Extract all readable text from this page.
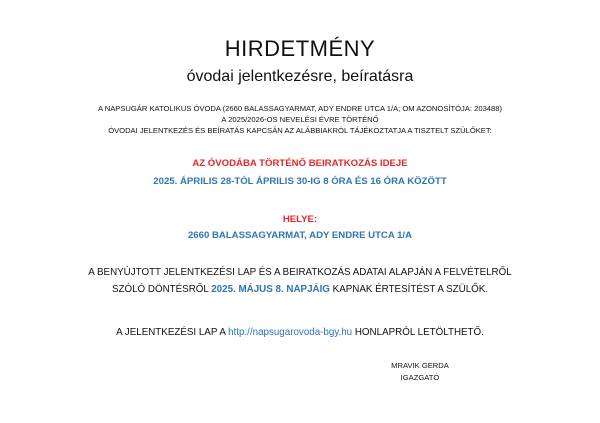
HIRDETMÉNY
óvodai jelentkezésre, beíratásra
A NAPSUGÁR KATOLIKUS ÓVODA (2660 BALASSAGYARMAT, ADY ENDRE UTCA 1/A; OM AZONOSÍTÓJA: 203488)
A 2025/2026-OS NEVELÉSI ÉVRE TÖRTÉNŐ
ÓVODAI JELENTKEZÉS ÉS BEÍRATÁS KAPCSÁN AZ ALÁBBIAKRÓL TÁJÉKOZTATJA A TISZTELT SZÜLŐKET:
AZ ÓVODÁBA TÖRTÉNŐ BEIRATKOZÁS IDEJE
2025. ÁPRILIS 28-TÓL ÁPRILIS 30-IG 8 ÓRA ÉS 16 ÓRA KÖZÖTT
HELYE:
2660 BALASSAGYARMAT, ADY ENDRE UTCA 1/A
A BENYÚJTOTT JELENTKEZÉSI LAP ÉS A BEIRATKOZÁS ADATAI ALAPJÁN A FELVÉTELRŐL
SZÓLÓ DÖNTÉSRŐL 2025. MÁJUS 8. NAPJÁIG KAPNAK ÉRTESÍTÉST A SZÜLŐK.
A JELENTKEZÉSI LAP A http://napsugarovoda-bgy.hu HONLAPRÓL LETÖLTHETŐ.
MRAVIK GERDA
IGAZGATÓ
